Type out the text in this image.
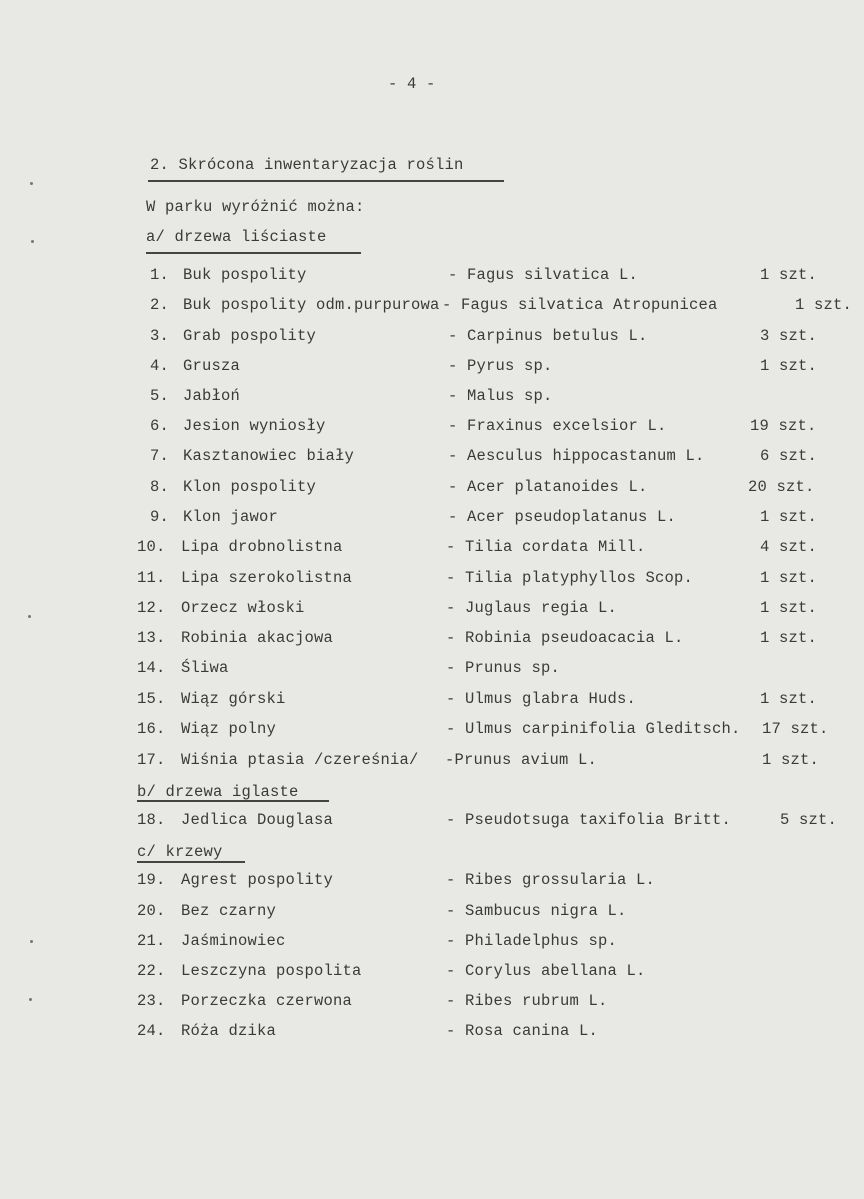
- 4 -
2. Skrócona inwentaryzacja roślin
W parku wyróżnić można:
a/ drzewa liściaste
b/ drzewa iglaste
c/ krzewy
1. Buk pospolity	- Fagus silvatica L.	1 szt.
2. Buk pospolity odm.purpurowa - Fagus silvatica Atropunicea	1 szt.
3. Grab pospolity	- Carpinus betulus L.	3 szt.
4. Grusza	- Pyrus sp.	1 szt.
5. Jabłoń	- Malus sp.
6. Jesion wyniosły	- Fraxinus excelsior L.	19 szt.
7. Kasztanowiec biały	- Aesculus hippocastanum L.	6 szt.
8. Klon pospolity	- Acer platanoides L.	20 szt.
9. Klon jawor	- Acer pseudoplatanus L.	1 szt.
10. Lipa drobnolistna	- Tilia cordata Mill.	4 szt.
11. Lipa szerokolistna	- Tilia platyphyllos Scop.	1 szt.
12. Orzecz włoski	- Juglaus regia L.	1 szt.
13. Robinia akacjowa	- Robinia pseudoacacia L.	1 szt.
14. Śliwa	- Prunus sp.
15. Wiąz górski	- Ulmus glabra Huds.	1 szt.
16. Wiąz polny	- Ulmus carpinifolia Gleditsch. 17 szt.
17. Wiśnia ptasia /czereśnia/ -Prunus avium L.	1 szt.
18. Jedlica Douglasa	- Pseudotsuga taxifolia Britt.	5 szt.
19. Agrest pospolity	- Ribes grossularia L.
20. Bez czarny	- Sambucus nigra L.
21. Jaśminowiec	- Philadelphus sp.
22. Leszczyna pospolita	- Corylus abellana L.
23. Porzeczka czerwona	- Ribes rubrum L.
24. Róża dzika	- Rosa canina L.
